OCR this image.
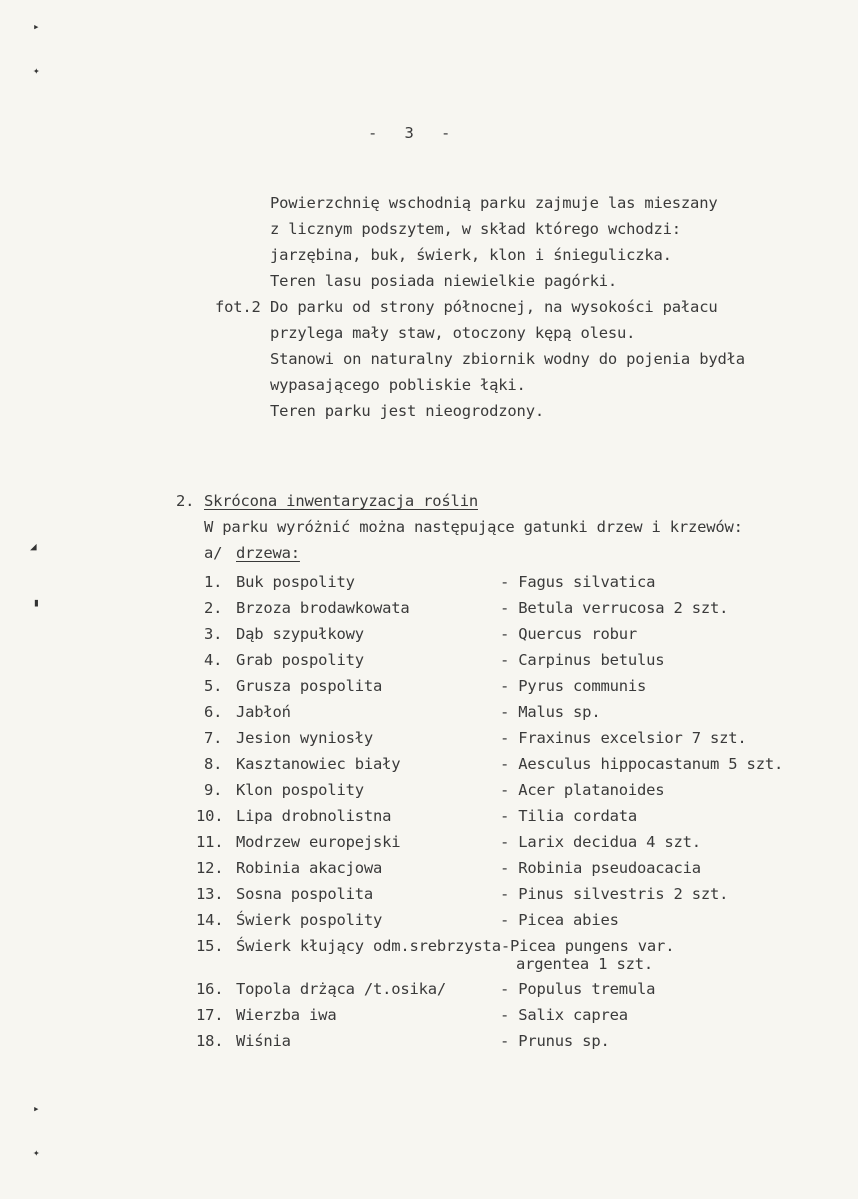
▸
✦
◢
▮
▸
✦
-   3   -
Powierzchnię wschodnią parku zajmuje las mieszany
z licznym podszytem, w skład którego wchodzi:
jarzębina, buk, świerk, klon i śnieguliczka.
Teren lasu posiada niewielkie pagórki.
fot.2 Do parku od strony północnej, na wysokości pałacu
przylega mały staw, otoczony kępą olesu.
Stanowi on naturalny zbiornik wodny do pojenia bydła
wypasającego pobliskie łąki.
Teren parku jest nieogrodzony.
2. Skrócona inwentaryzacja roślin
W parku wyróżnić można następujące gatunki drzew i krzewów:
a/ drzewa:
1. Buk pospolity	- Fagus silvatica
2. Brzoza brodawkowata	- Betula verrucosa 2 szt.
3. Dąb szypułkowy	- Quercus robur
4. Grab pospolity	- Carpinus betulus
5. Grusza pospolita	- Pyrus communis
6. Jabłoń	- Malus sp.
7. Jesion wyniosły	- Fraxinus excelsior 7 szt.
8. Kasztanowiec biały	- Aesculus hippocastanum 5 szt.
9. Klon pospolity	- Acer platanoides
10. Lipa drobnolistna	- Tilia cordata
11. Modrzew europejski	- Larix decidua 4 szt.
12. Robinia akacjowa	- Robinia pseudoacacia
13. Sosna pospolita	- Pinus silvestris 2 szt.
14. Świerk pospolity	- Picea abies
15. Świerk kłujący odm.srebrzysta-Picea pungens var.
argentea 1 szt.
16. Topola drżąca /t.osika/	- Populus tremula
17. Wierzba iwa	- Salix caprea
18. Wiśnia	- Prunus sp.
